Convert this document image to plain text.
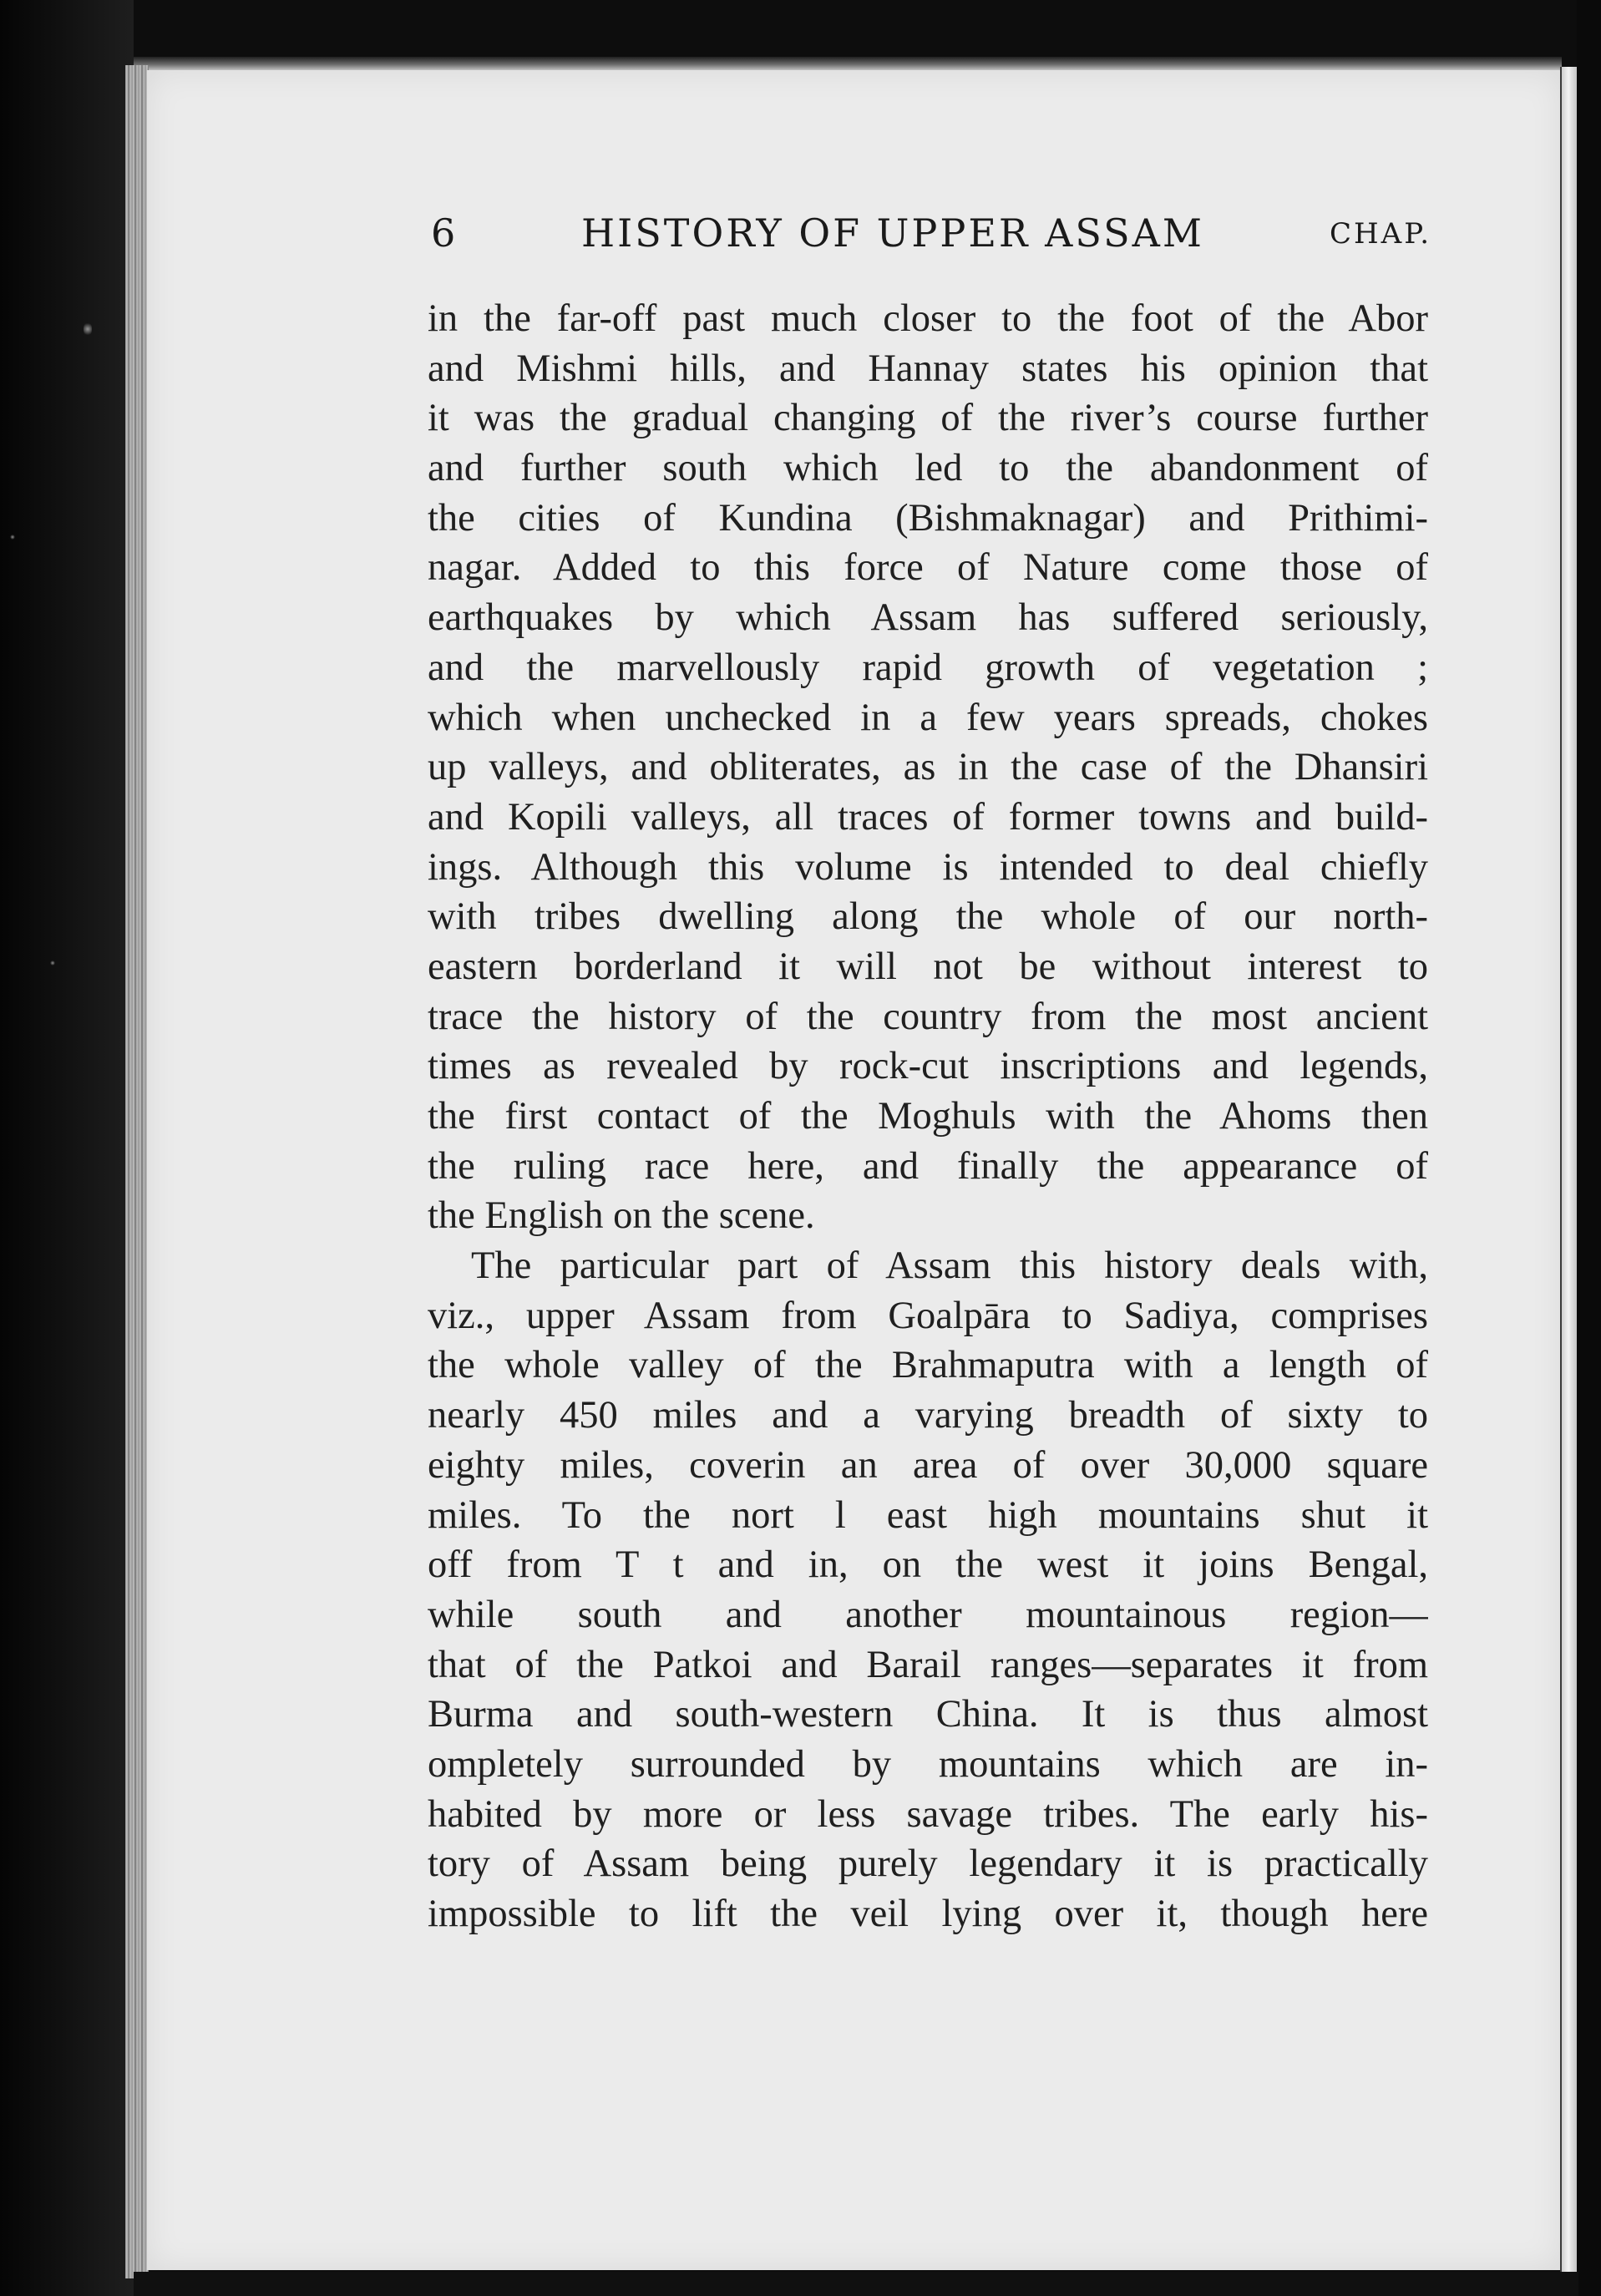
6	HISTORY OF UPPER ASSAM	CHAP.
in the far-off past much closer to the foot of the Abor
and Mishmi hills, and Hannay states his opinion that
it was the gradual changing of the river’s course further
and further south which led to the abandonment of
the cities of Kundina (Bishmaknagar) and Prithimi-
nagar. Added to this force of Nature come those of
earthquakes by which Assam has suffered seriously,
and the marvellously rapid growth of vegetation ;
which when unchecked in a few years spreads, chokes
up valleys, and obliterates, as in the case of the Dhansiri
and Kopili valleys, all traces of former towns and build-
ings. Although this volume is intended to deal chiefly
with tribes dwelling along the whole of our north-
eastern borderland it will not be without interest to
trace the history of the country from the most ancient
times as revealed by rock-cut inscriptions and legends,
the first contact of the Moghuls with the Ahoms then
the ruling race here, and finally the appearance of
the English on the scene.
The particular part of Assam this history deals with,
viz., upper Assam from Goalpāra to Sadiya, comprises
the whole valley of the Brahmaputra with a length of
nearly 450 miles and a varying breadth of sixty to
eighty miles, coverin an area of over 30,000 square
miles. To the nort l east high mountains shut it
off from T t and in, on the west it joins Bengal,
while south and another mountainous region—
that of the Patkoi and Barail ranges—separates it from
Burma and south-western China. It is thus almost
ompletely surrounded by mountains which are in-
habited by more or less savage tribes. The early his-
tory of Assam being purely legendary it is practically
impossible to lift the veil lying over it, though here
